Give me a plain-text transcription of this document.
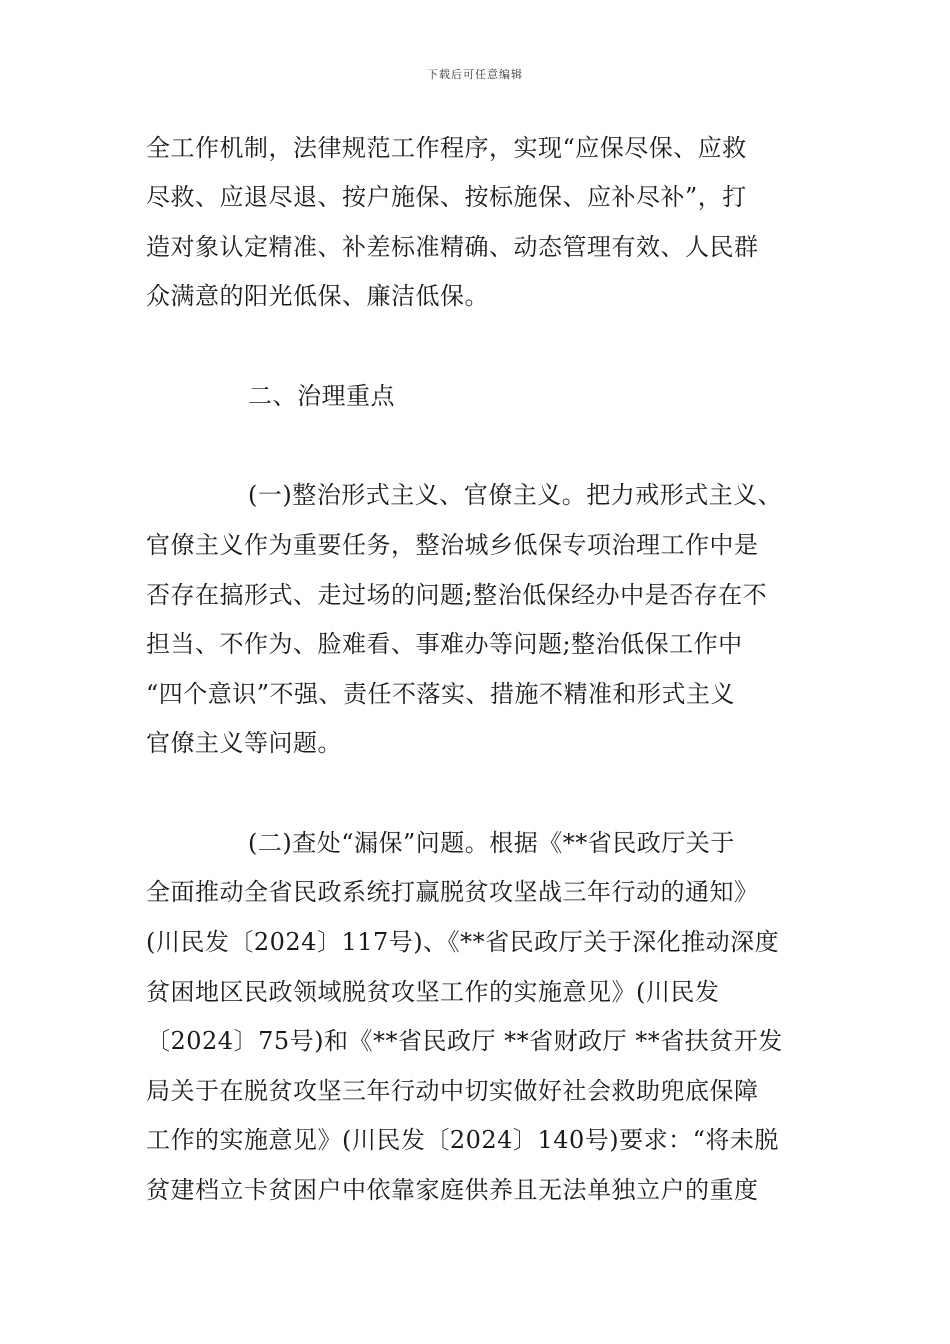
下载后可任意编辑
全工作机制，法律规范工作程序，实现“应保尽保、应救
尽救、应退尽退、按户施保、按标施保、应补尽补”，打
造对象认定精准、补差标准精确、动态管理有效、人民群
众满意的阳光低保、廉洁低保。
二、治理重点
(一)整治形式主义、官僚主义。把力戒形式主义、
官僚主义作为重要任务，整治城乡低保专项治理工作中是
否存在搞形式、走过场的问题;整治低保经办中是否存在不
担当、不作为、脸难看、事难办等问题;整治低保工作中
“四个意识”不强、责任不落实、措施不精准和形式主义
官僚主义等问题。
(二)查处“漏保”问题。根据《**省民政厅关于
全面推动全省民政系统打赢脱贫攻坚战三年行动的通知》
(川民发〔2024〕117号)、《**省民政厅关于深化推动深度
贫困地区民政领域脱贫攻坚工作的实施意见》(川民发
〔2024〕75号)和《**省民政厅 **省财政厅 **省扶贫开发
局关于在脱贫攻坚三年行动中切实做好社会救助兜底保障
工作的实施意见》(川民发〔2024〕140号)要求：“将未脱
贫建档立卡贫困户中依靠家庭供养且无法单独立户的重度
